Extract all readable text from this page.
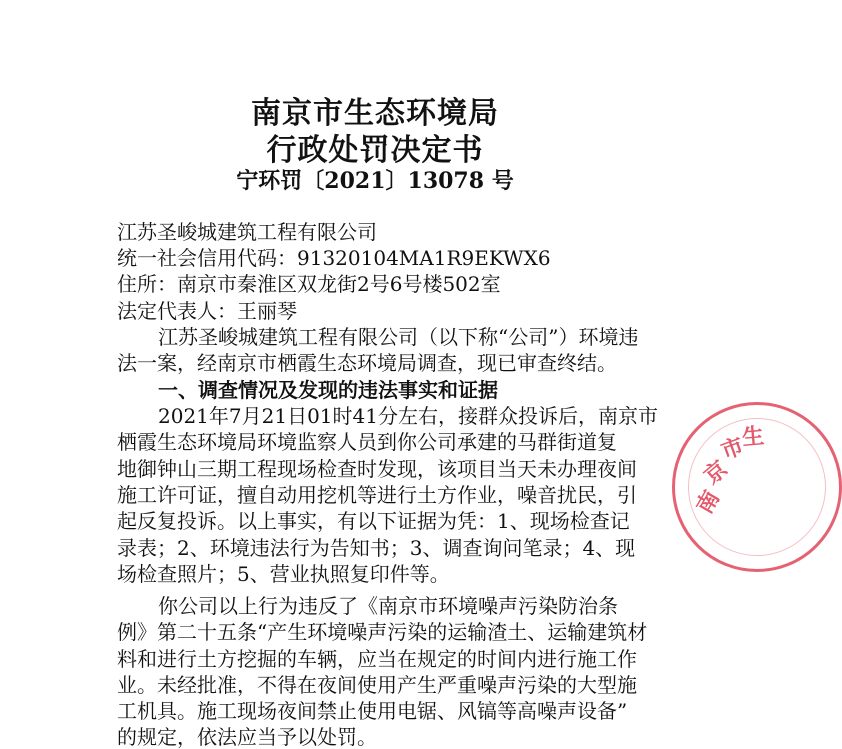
南京市生态环境局
行政处罚决定书
宁环罚〔2021〕13078 号
江苏圣峻城建筑工程有限公司
统一社会信用代码：91320104MA1R9EKWX6
住所：南京市秦淮区双龙街2号6号楼502室
法定代表人：王丽琴
江苏圣峻城建筑工程有限公司（以下称“公司”）环境违
法一案，经南京市栖霞生态环境局调查，现已审查终结。
一、调查情况及发现的违法事实和证据
2021年7月21日01时41分左右，接群众投诉后，南京市
栖霞生态环境局环境监察人员到你公司承建的马群街道复
地御钟山三期工程现场检查时发现，该项目当天未办理夜间
施工许可证，擅自动用挖机等进行土方作业，噪音扰民，引
起反复投诉。以上事实，有以下证据为凭：1、现场检查记
录表；2、环境违法行为告知书；3、调查询问笔录；4、现
场检查照片；5、营业执照复印件等。
你公司以上行为违反了《南京市环境噪声污染防治条
例》第二十五条“产生环境噪声污染的运输渣土、运输建筑材
料和进行土方挖掘的车辆，应当在规定的时间内进行施工作
业。未经批准，不得在夜间使用产生严重噪声污染的大型施
工机具。施工现场夜间禁止使用电锯、风镐等高噪声设备”
的规定，依法应当予以处罚。
南
京
市
生
